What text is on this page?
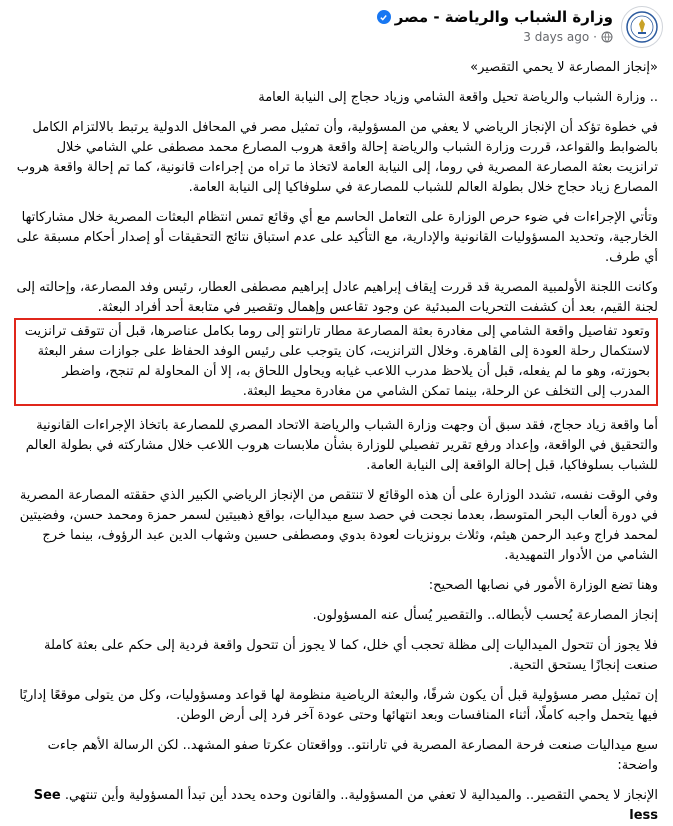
وزارة الشباب والرياضة - مصر
3 days ago ·

«إنجاز المصارعة لا يحمي التقصير»

.. وزارة الشباب والرياضة تحيل واقعة الشامي وزياد حجاج إلى النيابة العامة

في خطوة تؤكد أن الإنجاز الرياضي لا يعفي من المسؤولية، وأن تمثيل مصر في المحافل الدولية يرتبط بالالتزام الكامل بالضوابط والقواعد، قررت وزارة الشباب والرياضة إحالة واقعة هروب المصارع محمد مصطفى علي الشامي خلال ترانزيت بعثة المصارعة المصرية في روما، إلى النيابة العامة لاتخاذ ما تراه من إجراءات قانونية، كما تم إحالة واقعة هروب المصارع زياد حجاج خلال بطولة العالم للشباب للمصارعة في سلوفاكيا إلى النيابة العامة.

وتأتي الإجراءات في ضوء حرص الوزارة على التعامل الحاسم مع أي وقائع تمس انتظام البعثات المصرية خلال مشاركاتها الخارجية، وتحديد المسؤوليات القانونية والإدارية، مع التأكيد على عدم استباق نتائج التحقيقات أو إصدار أحكام مسبقة على أي طرف.

وكانت اللجنة الأولمبية المصرية قد قررت إيقاف إبراهيم عادل إبراهيم مصطفى العطار، رئيس وفد المصارعة، وإحالته إلى لجنة القيم، بعد أن كشفت التحريات المبدئية عن وجود تقاعس وإهمال وتقصير في متابعة أحد أفراد البعثة.

وتعود تفاصيل واقعة الشامي إلى مغادرة بعثة المصارعة مطار تارانتو إلى روما بكامل عناصرها، قبل أن تتوقف ترانزيت لاستكمال رحلة العودة إلى القاهرة. وخلال الترانزيت، كان يتوجب على رئيس الوفد الحفاظ على جوازات سفر البعثة بحوزته، وهو ما لم يفعله، قبل أن يلاحظ مدرب اللاعب غيابه ويحاول اللحاق به، إلا أن المحاولة لم تنجح، واضطر المدرب إلى التخلف عن الرحلة، بينما تمكن الشامي من مغادرة محيط البعثة.

أما واقعة زياد حجاج، فقد سبق أن وجهت وزارة الشباب والرياضة الاتحاد المصري للمصارعة باتخاذ الإجراءات القانونية والتحقيق في الواقعة، وإعداد ورفع تقرير تفصيلي للوزارة بشأن ملابسات هروب اللاعب خلال مشاركته في بطولة العالم للشباب بسلوفاكيا، قبل إحالة الواقعة إلى النيابة العامة.

وفي الوقت نفسه، تشدد الوزارة على أن هذه الوقائع لا تنتقص من الإنجاز الرياضي الكبير الذي حققته المصارعة المصرية في دورة ألعاب البحر المتوسط، بعدما نجحت في حصد سبع ميداليات، بواقع ذهبيتين لسمر حمزة ومحمد حسن، وفضيتين لمحمد فراج وعبد الرحمن هيثم، وثلاث برونزيات لعودة بدوي ومصطفى حسين وشهاب الدين عبد الرؤوف، بينما خرج الشامي من الأدوار التمهيدية.

وهنا تضع الوزارة الأمور في نصابها الصحيح:

إنجاز المصارعة يُحسب لأبطاله.. والتقصير يُسأل عنه المسؤولون.

فلا يجوز أن تتحول الميداليات إلى مظلة تحجب أي خلل، كما لا يجوز أن تتحول واقعة فردية إلى حكم على بعثة كاملة صنعت إنجازًا يستحق التحية.

إن تمثيل مصر مسؤولية قبل أن يكون شرفًا، والبعثة الرياضية منظومة لها قواعد ومسؤوليات، وكل من يتولى موقعًا إداريًا فيها يتحمل واجبه كاملًا، أثناء المنافسات وبعد انتهائها وحتى عودة آخر فرد إلى أرض الوطن.

سبع ميداليات صنعت فرحة المصارعة المصرية في تارانتو.. وواقعتان عكرتا صفو المشهد.. لكن الرسالة الأهم جاءت واضحة:

الإنجاز لا يحمي التقصير.. والميدالية لا تعفي من المسؤولية.. والقانون وحده يحدد أين تبدأ المسؤولية وأين تنتهي. See less
